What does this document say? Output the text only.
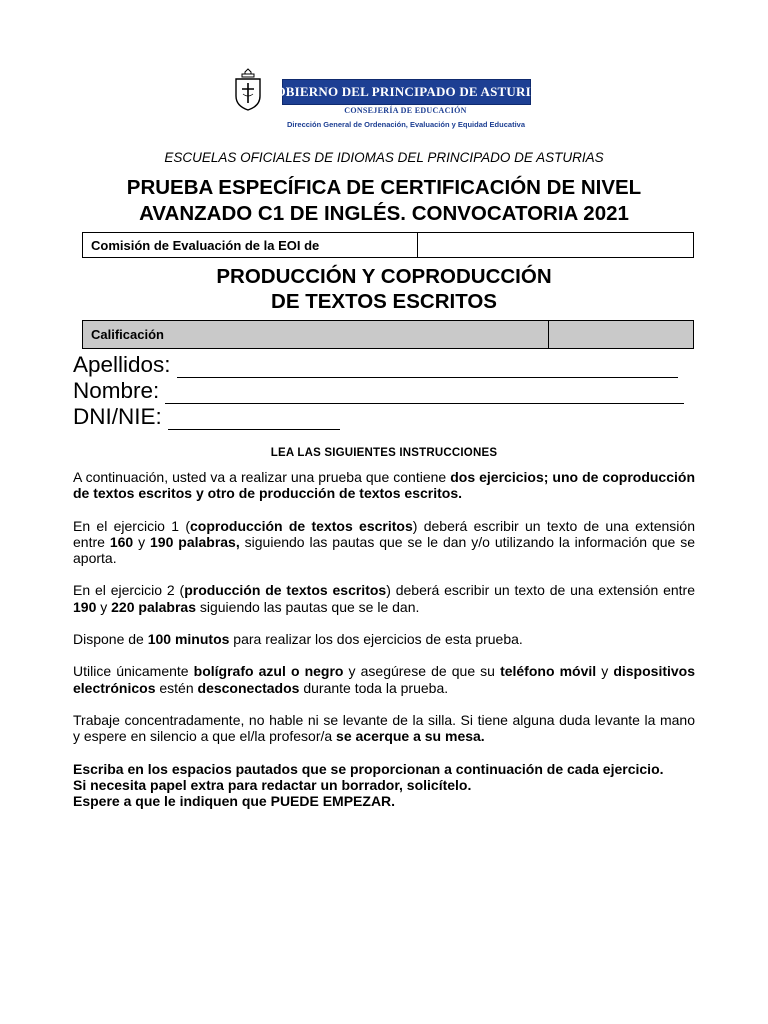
GOBIERNO DEL PRINCIPADO DE ASTURIAS
CONSEJERÍA DE EDUCACIÓN
Dirección General de Ordenación, Evaluación y Equidad Educativa
ESCUELAS OFICIALES DE IDIOMAS DEL PRINCIPADO DE ASTURIAS
PRUEBA ESPECÍFICA DE CERTIFICACIÓN DE NIVEL
AVANZADO C1 DE INGLÉS. CONVOCATORIA 2021
Comisión de Evaluación de la EOI de	
PRODUCCIÓN Y COPRODUCCIÓN
DE TEXTOS ESCRITOS
Calificación	
Apellidos:
Nombre:
DNI/NIE:
LEA LAS SIGUIENTES INSTRUCCIONES

A continuación, usted va a realizar una prueba que contiene dos ejercicios; uno de coproducción de textos escritos y otro de producción de textos escritos.

En el ejercicio 1 (coproducción de textos escritos) deberá escribir un texto de una extensión entre 160 y 190 palabras, siguiendo las pautas que se le dan y/o utilizando la información que se aporta.

En el ejercicio 2 (producción de textos escritos) deberá escribir un texto de una extensión entre 190 y 220 palabras siguiendo las pautas que se le dan.

Dispone de 100 minutos para realizar los dos ejercicios de esta prueba.

Utilice únicamente bolígrafo azul o negro y asegúrese de que su teléfono móvil y dispositivos electrónicos estén desconectados durante toda la prueba.

Trabaje concentradamente, no hable ni se levante de la silla. Si tiene alguna duda levante la mano y espere en silencio a que el/la profesor/a se acerque a su mesa.

Escriba en los espacios pautados que se proporcionan a continuación de cada ejercicio.
Si necesita papel extra para redactar un borrador, solicítelo.
Espere a que le indiquen que PUEDE EMPEZAR.
